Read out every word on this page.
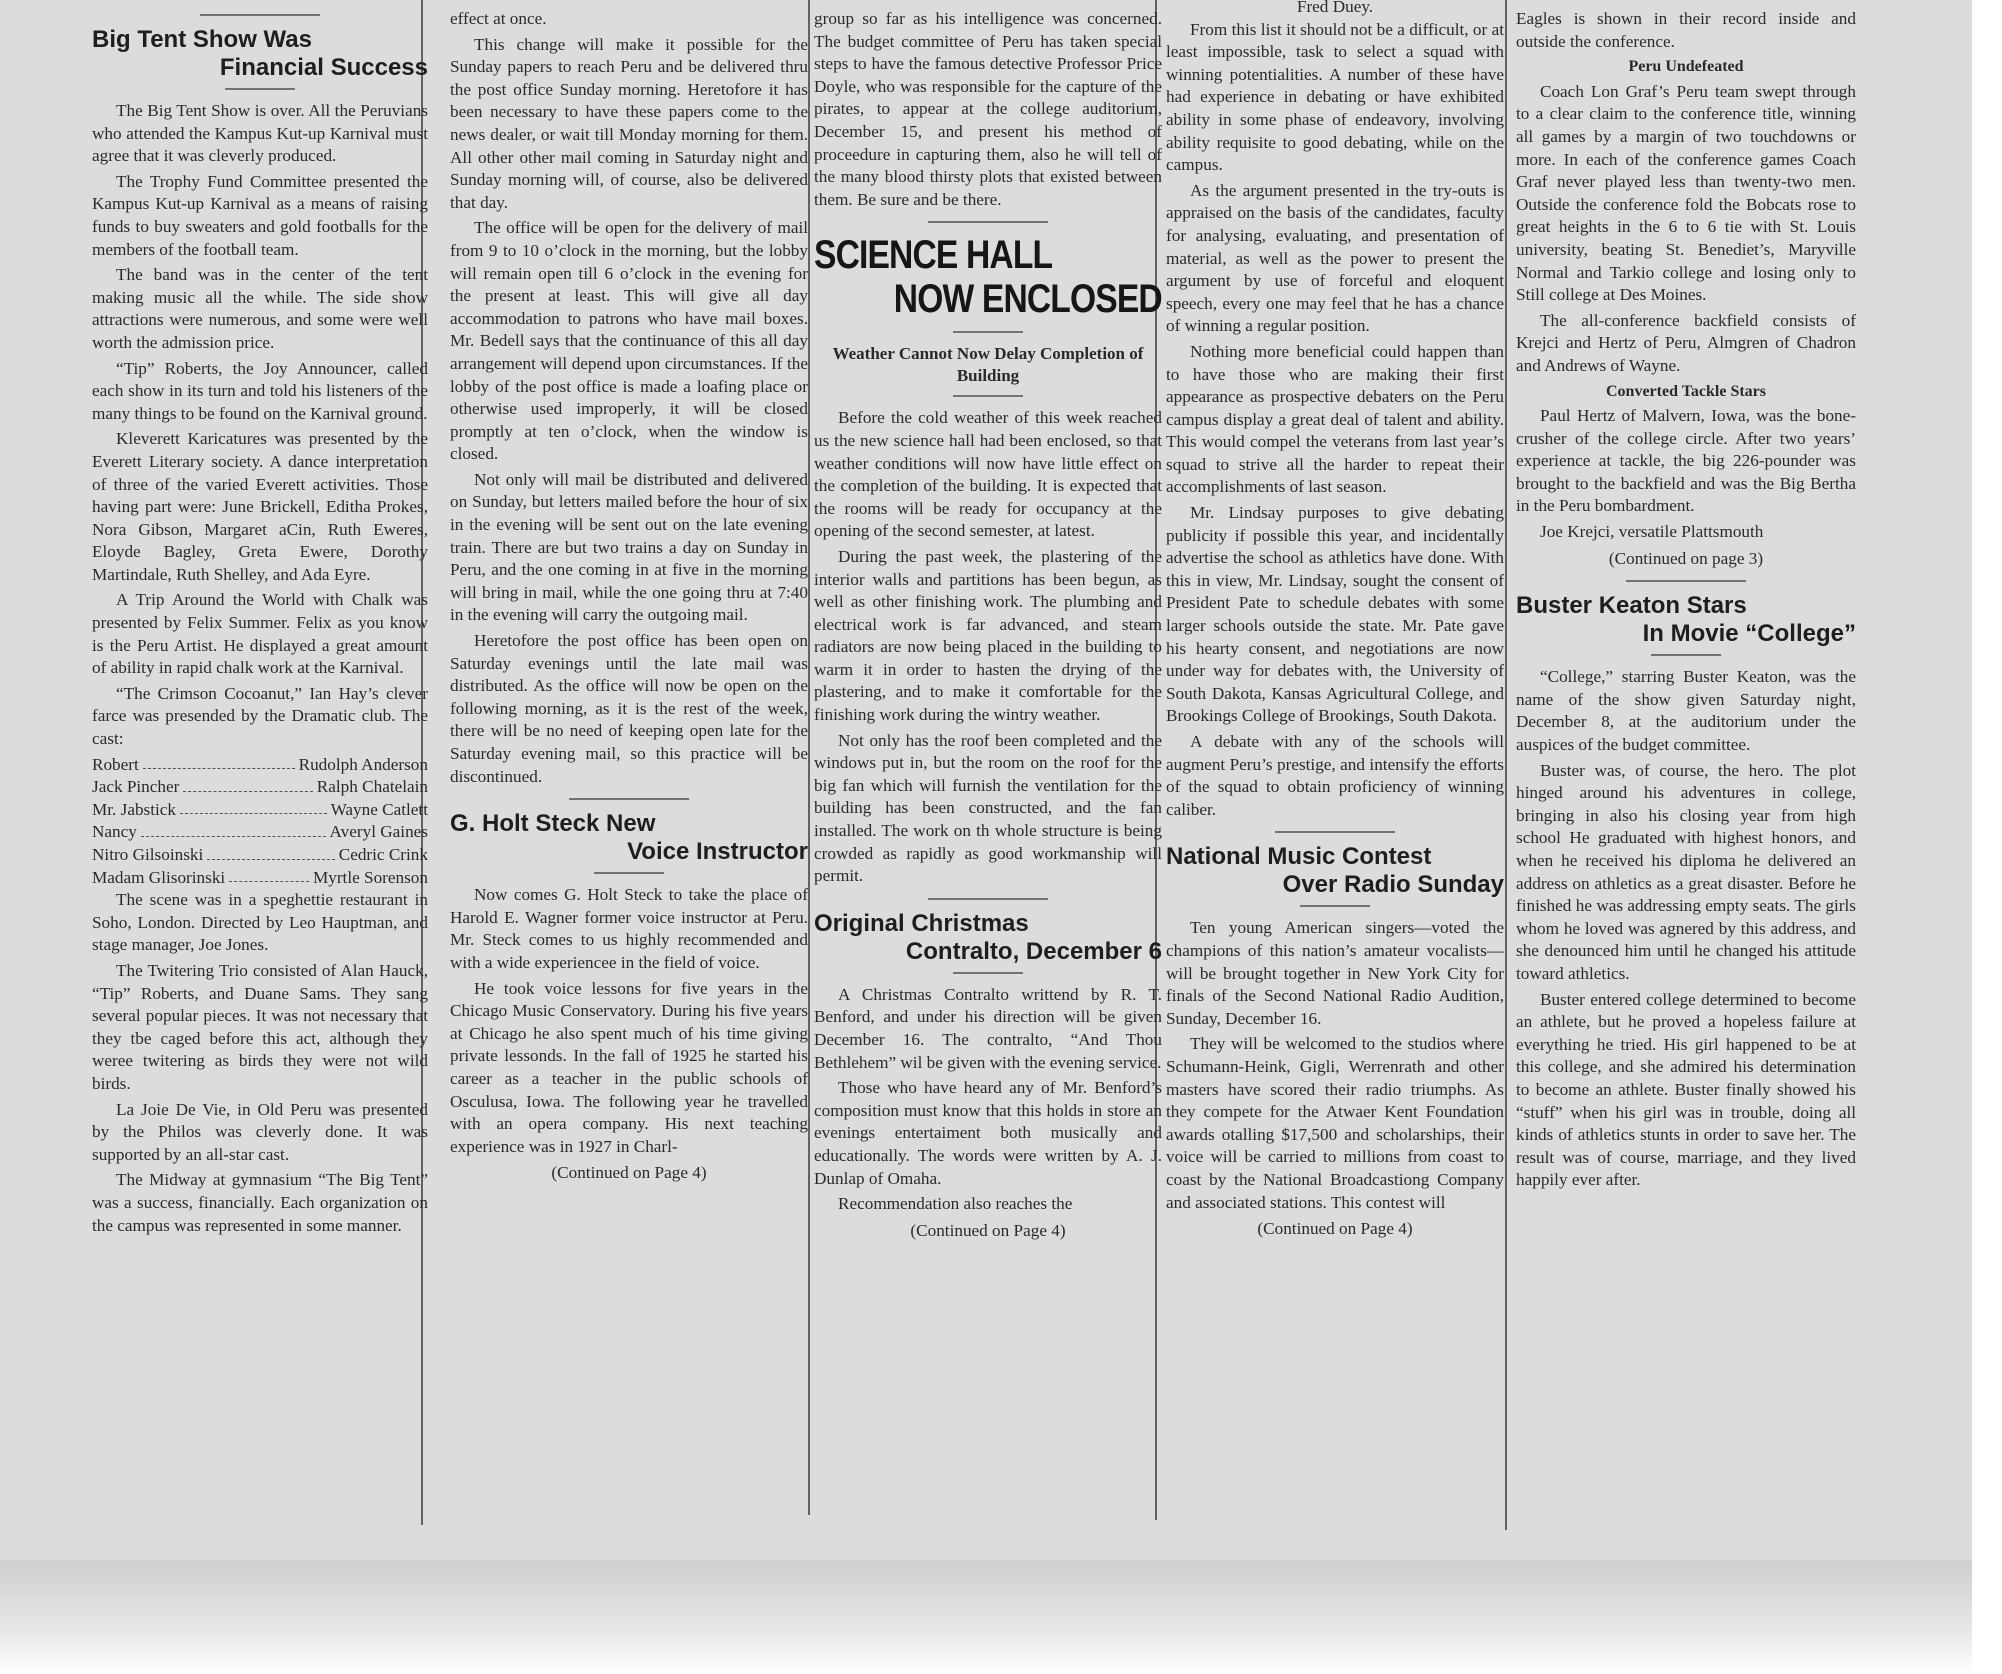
Big Tent Show Was
Financial Success

The Big Tent Show is over. All the Peruvians who attended the Kampus Kut-up Karnival must agree that it was cleverly produced.

The Trophy Fund Committee presented the Kampus Kut-up Karnival as a means of raising funds to buy sweaters and gold footballs for the members of the football team.

The band was in the center of the tent making music all the while. The side show attractions were numerous, and some were well worth the admission price.

“Tip” Roberts, the Joy Announcer, called each show in its turn and told his listeners of the many things to be found on the Karnival ground.

Kleverett Karicatures was presented by the Everett Literary society. A dance interpretation of three of the varied Everett activities. Those having part were: June Brickell, Editha Prokes, Nora Gibson, Margaret aCin, Ruth Eweres, Eloyde Bagley, Greta Ewere, Dorothy Martindale, Ruth Shelley, and Ada Eyre.

A Trip Around the World with Chalk was presented by Felix Summer. Felix as you know is the Peru Artist. He displayed a great amount of ability in rapid chalk work at the Karnival.

“The Crimson Cocoanut,” Ian Hay’s clever farce was presended by the Dramatic club. The cast:

Robert	Rudolph Anderson
Jack Pincher	Ralph Chatelain
Mr. Jabstick	Wayne Catlett
Nancy	Averyl Gaines
Nitro Gilsoinski	Cedric Crink
Madam Glisorinski	Myrtle Sorenson

The scene was in a speghettie restaurant in Soho, London. Directed by Leo Hauptman, and stage manager, Joe Jones.

The Twitering Trio consisted of Alan Hauck, “Tip” Roberts, and Duane Sams. They sang several popular pieces. It was not necessary that they tbe caged before this act, although they weree twitering as birds they were not wild birds.

La Joie De Vie, in Old Peru was presented by the Philos was cleverly done. It was supported by an all-star cast.

The Midway at gymnasium “The Big Tent” was a success, financially. Each organization on the campus was represented in some manner.

effect at once.

This change will make it possible for the Sunday papers to reach Peru and be delivered thru the post office Sunday morning. Heretofore it has been necessary to have these papers come to the news dealer, or wait till Monday morning for them. All other other mail coming in Saturday night and Sunday morning will, of course, also be delivered that day.

The office will be open for the delivery of mail from 9 to 10 o’clock in the morning, but the lobby will remain open till 6 o’clock in the evening for the present at least. This will give all day accommodation to patrons who have mail boxes. Mr. Bedell says that the continuance of this all day arrangement will depend upon circumstances. If the lobby of the post office is made a loafing place or otherwise used improperly, it will be closed promptly at ten o’clock, when the window is closed.

Not only will mail be distributed and delivered on Sunday, but letters mailed before the hour of six in the evening will be sent out on the late evening train. There are but two trains a day on Sunday in Peru, and the one coming in at five in the morning will bring in mail, while the one going thru at 7:40 in the evening will carry the outgoing mail.

Heretofore the post office has been open on Saturday evenings until the late mail was distributed. As the office will now be open on the following morning, as it is the rest of the week, there will be no need of keeping open late for the Saturday evening mail, so this practice will be discontinued.

G. Holt Steck New
Voice Instructor

Now comes G. Holt Steck to take the place of Harold E. Wagner former voice instructor at Peru. Mr. Steck comes to us highly recommended and with a wide experiencee in the field of voice.

He took voice lessons for five years in the Chicago Music Conservatory. During his five years at Chicago he also spent much of his time giving private lessonds. In the fall of 1925 he started his career as a teacher in the public schools of Osculusa, Iowa. The following year he travelled with an opera company. His next teaching experience was in 1927 in Charl-

(Continued on Page 4)

group so far as his intelligence was concerned. The budget committee of Peru has taken special steps to have the famous detective Professor Price Doyle, who was responsible for the capture of the pirates, to appear at the college auditorium, December 15, and present his method of proceedure in capturing them, also he will tell of the many blood thirsty plots that existed between them. Be sure and be there.

SCIENCE HALL
NOW ENCLOSED

Weather Cannot Now Delay Completion of Building

Before the cold weather of this week reached us the new science hall had been enclosed, so that weather conditions will now have little effect on the completion of the building. It is expected that the rooms will be ready for occupancy at the opening of the second semester, at latest.

During the past week, the plastering of the interior walls and partitions has been begun, as well as other finishing work. The plumbing and electrical work is far advanced, and steam radiators are now being placed in the building to warm it in order to hasten the drying of the plastering, and to make it comfortable for the finishing work during the wintry weather.

Not only has the roof been completed and the windows put in, but the room on the roof for the big fan which will furnish the ventilation for the building has been constructed, and the fan installed. The work on th whole structure is being crowded as rapidly as good workmanship will permit.

Original Christmas
Contralto, December 6

A Christmas Contralto writtend by R. T. Benford, and under his direction will be given December 16. The contralto, “And Thou Bethlehem” wil be given with the evening service.

Those who have heard any of Mr. Benford’s composition must know that this holds in store an evenings entertaiment both musically and educationally. The words were written by A. J. Dunlap of Omaha.

Recommendation also reaches the

(Continued on Page 4)

Fred Duey.

From this list it should not be a difficult, or at least impossible, task to select a squad with winning potentialities. A number of these have had experience in debating or have exhibited ability in some phase of endeavory, involving ability requisite to good debating, while on the campus.

As the argument presented in the try-outs is appraised on the basis of the candidates, faculty for analysing, evaluating, and presentation of material, as well as the power to present the argument by use of forceful and eloquent speech, every one may feel that he has a chance of winning a regular position.

Nothing more beneficial could happen than to have those who are making their first appearance as prospective debaters on the Peru campus display a great deal of talent and ability. This would compel the veterans from last year’s squad to strive all the harder to repeat their accomplishments of last season.

Mr. Lindsay purposes to give debating publicity if possible this year, and incidentally advertise the school as athletics have done. With this in view, Mr. Lindsay, sought the consent of President Pate to schedule debates with some larger schools outside the state. Mr. Pate gave his hearty consent, and negotiations are now under way for debates with, the University of South Dakota, Kansas Agricultural College, and Brookings College of Brookings, South Dakota.

A debate with any of the schools will augment Peru’s prestige, and intensify the efforts of the squad to obtain proficiency of winning caliber.

National Music Contest
Over Radio Sunday

Ten young American singers—voted the champions of this nation’s amateur vocalists—will be brought together in New York City for finals of the Second National Radio Audition, Sunday, December 16.

They will be welcomed to the studios where Schumann-Heink, Gigli, Werrenrath and other masters have scored their radio triumphs. As they compete for the Atwaer Kent Foundation awards otalling $17,500 and scholarships, their voice will be carried to millions from coast to coast by the National Broadcastiong Company and associated stations. This contest will

(Continued on Page 4)

Eagles is shown in their record inside and outside the conference.

Peru Undefeated

Coach Lon Graf’s Peru team swept through to a clear claim to the conference title, winning all games by a margin of two touchdowns or more. In each of the conference games Coach Graf never played less than twenty-two men. Outside the conference fold the Bobcats rose to great heights in the 6 to 6 tie with St. Louis university, beating St. Benediet’s, Maryville Normal and Tarkio college and losing only to Still college at Des Moines.

The all-conference backfield consists of Krejci and Hertz of Peru, Almgren of Chadron and Andrews of Wayne.

Converted Tackle Stars

Paul Hertz of Malvern, Iowa, was the bone-crusher of the college circle. After two years’ experience at tackle, the big 226-pounder was brought to the backfield and was the Big Bertha in the Peru bombardment.

Joe Krejci, versatile Plattsmouth

(Continued on page 3)

Buster Keaton Stars
In Movie “College”

“College,” starring Buster Keaton, was the name of the show given Saturday night, December 8, at the auditorium under the auspices of the budget committee.

Buster was, of course, the hero. The plot hinged around his adventures in college, bringing in also his closing year from high school He graduated with highest honors, and when he received his diploma he delivered an address on athletics as a great disaster. Before he finished he was addressing empty seats. The girls whom he loved was agnered by this address, and she denounced him until he changed his attitude toward athletics.

Buster entered college determined to become an athlete, but he proved a hopeless failure at everything he tried. His girl happened to be at this college, and she admired his determination to become an athlete. Buster finally showed his “stuff” when his girl was in trouble, doing all kinds of athletics stunts in order to save her. The result was of course, marriage, and they lived happily ever after.
